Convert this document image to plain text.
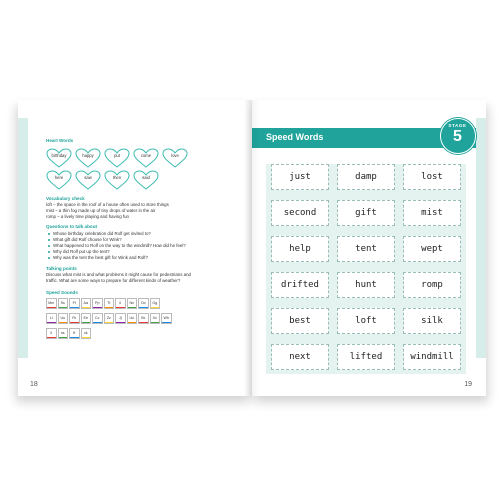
Heart Words
birthday	happy	put	come	love
here	saw	then	said
Vocabulary check
loft – the space in the roof of a house often used to store things
mist – a thin fog made up of tiny drops of water in the air
romp – a lively time playing and having fun
Questions to talk about
Whose birthday celebration did Rolf get invited to?
What gift did Rolf choose for Wink?
What happened to Rolf on the way to the windmill? How did he feel?
Why did Rolf put up the tent?
Why was the tent the best gift for Wink and Rolf?
Talking points
Discuss what mist is and what problems it might cause for pedestrians and
traffic. What are some ways to prepare for different kinds of weather?
Speed Sounds
Mm	Ss	Ff	Aa	Pp	Tt	Ii	Nn	Oo	Gg
Ll	Uu	Rr	Ee	Cc	Zz	Jj	Uu	Kk	Xx	Wh
ll	ss	ff	ck
18
Speed Words
STAGE
5
just	damp	lost
second	gift	mist
help	tent	wept
drifted	hunt	romp
best	loft	silk
next	lifted	windmill
19
